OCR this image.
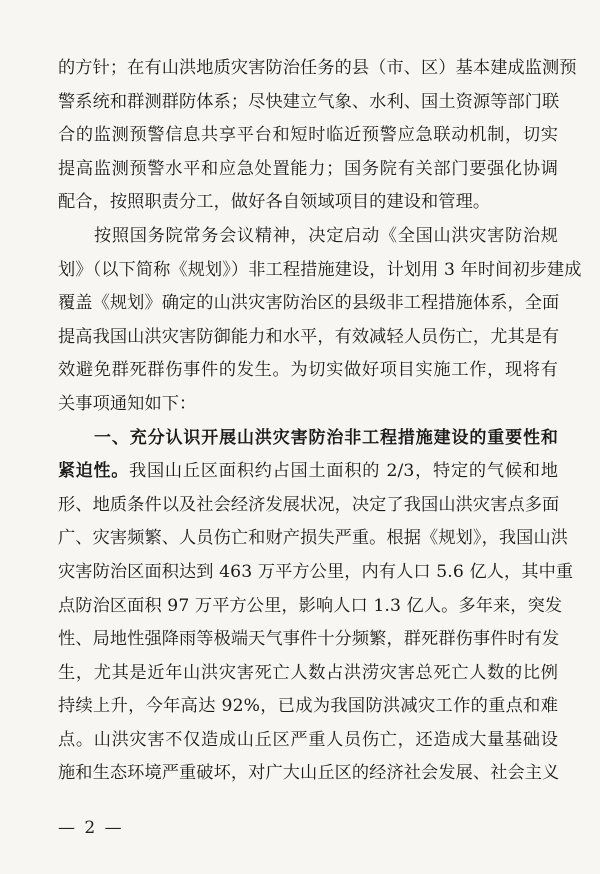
的方针；在有山洪地质灾害防治任务的县（市、区）基本建成监测预
警系统和群测群防体系；尽快建立气象、水利、国土资源等部门联
合的监测预警信息共享平台和短时临近预警应急联动机制，切实
提高监测预警水平和应急处置能力；国务院有关部门要强化协调
配合，按照职责分工，做好各自领域项目的建设和管理。
按照国务院常务会议精神，决定启动《全国山洪灾害防治规
划》（以下简称《规划》）非工程措施建设，计划用 3 年时间初步建成
覆盖《规划》确定的山洪灾害防治区的县级非工程措施体系，全面
提高我国山洪灾害防御能力和水平，有效减轻人员伤亡，尤其是有
效避免群死群伤事件的发生。为切实做好项目实施工作，现将有
关事项通知如下：
一、充分认识开展山洪灾害防治非工程措施建设的重要性和
紧迫性。我国山丘区面积约占国土面积的 2/3，特定的气候和地
形、地质条件以及社会经济发展状况，决定了我国山洪灾害点多面
广、灾害频繁、人员伤亡和财产损失严重。根据《规划》，我国山洪
灾害防治区面积达到 463 万平方公里，内有人口 5.6 亿人，其中重
点防治区面积 97 万平方公里，影响人口 1.3 亿人。多年来，突发
性、局地性强降雨等极端天气事件十分频繁，群死群伤事件时有发
生，尤其是近年山洪灾害死亡人数占洪涝灾害总死亡人数的比例
持续上升，今年高达 92%，已成为我国防洪减灾工作的重点和难
点。山洪灾害不仅造成山丘区严重人员伤亡，还造成大量基础设
施和生态环境严重破坏，对广大山丘区的经济社会发展、社会主义
— 2 —
